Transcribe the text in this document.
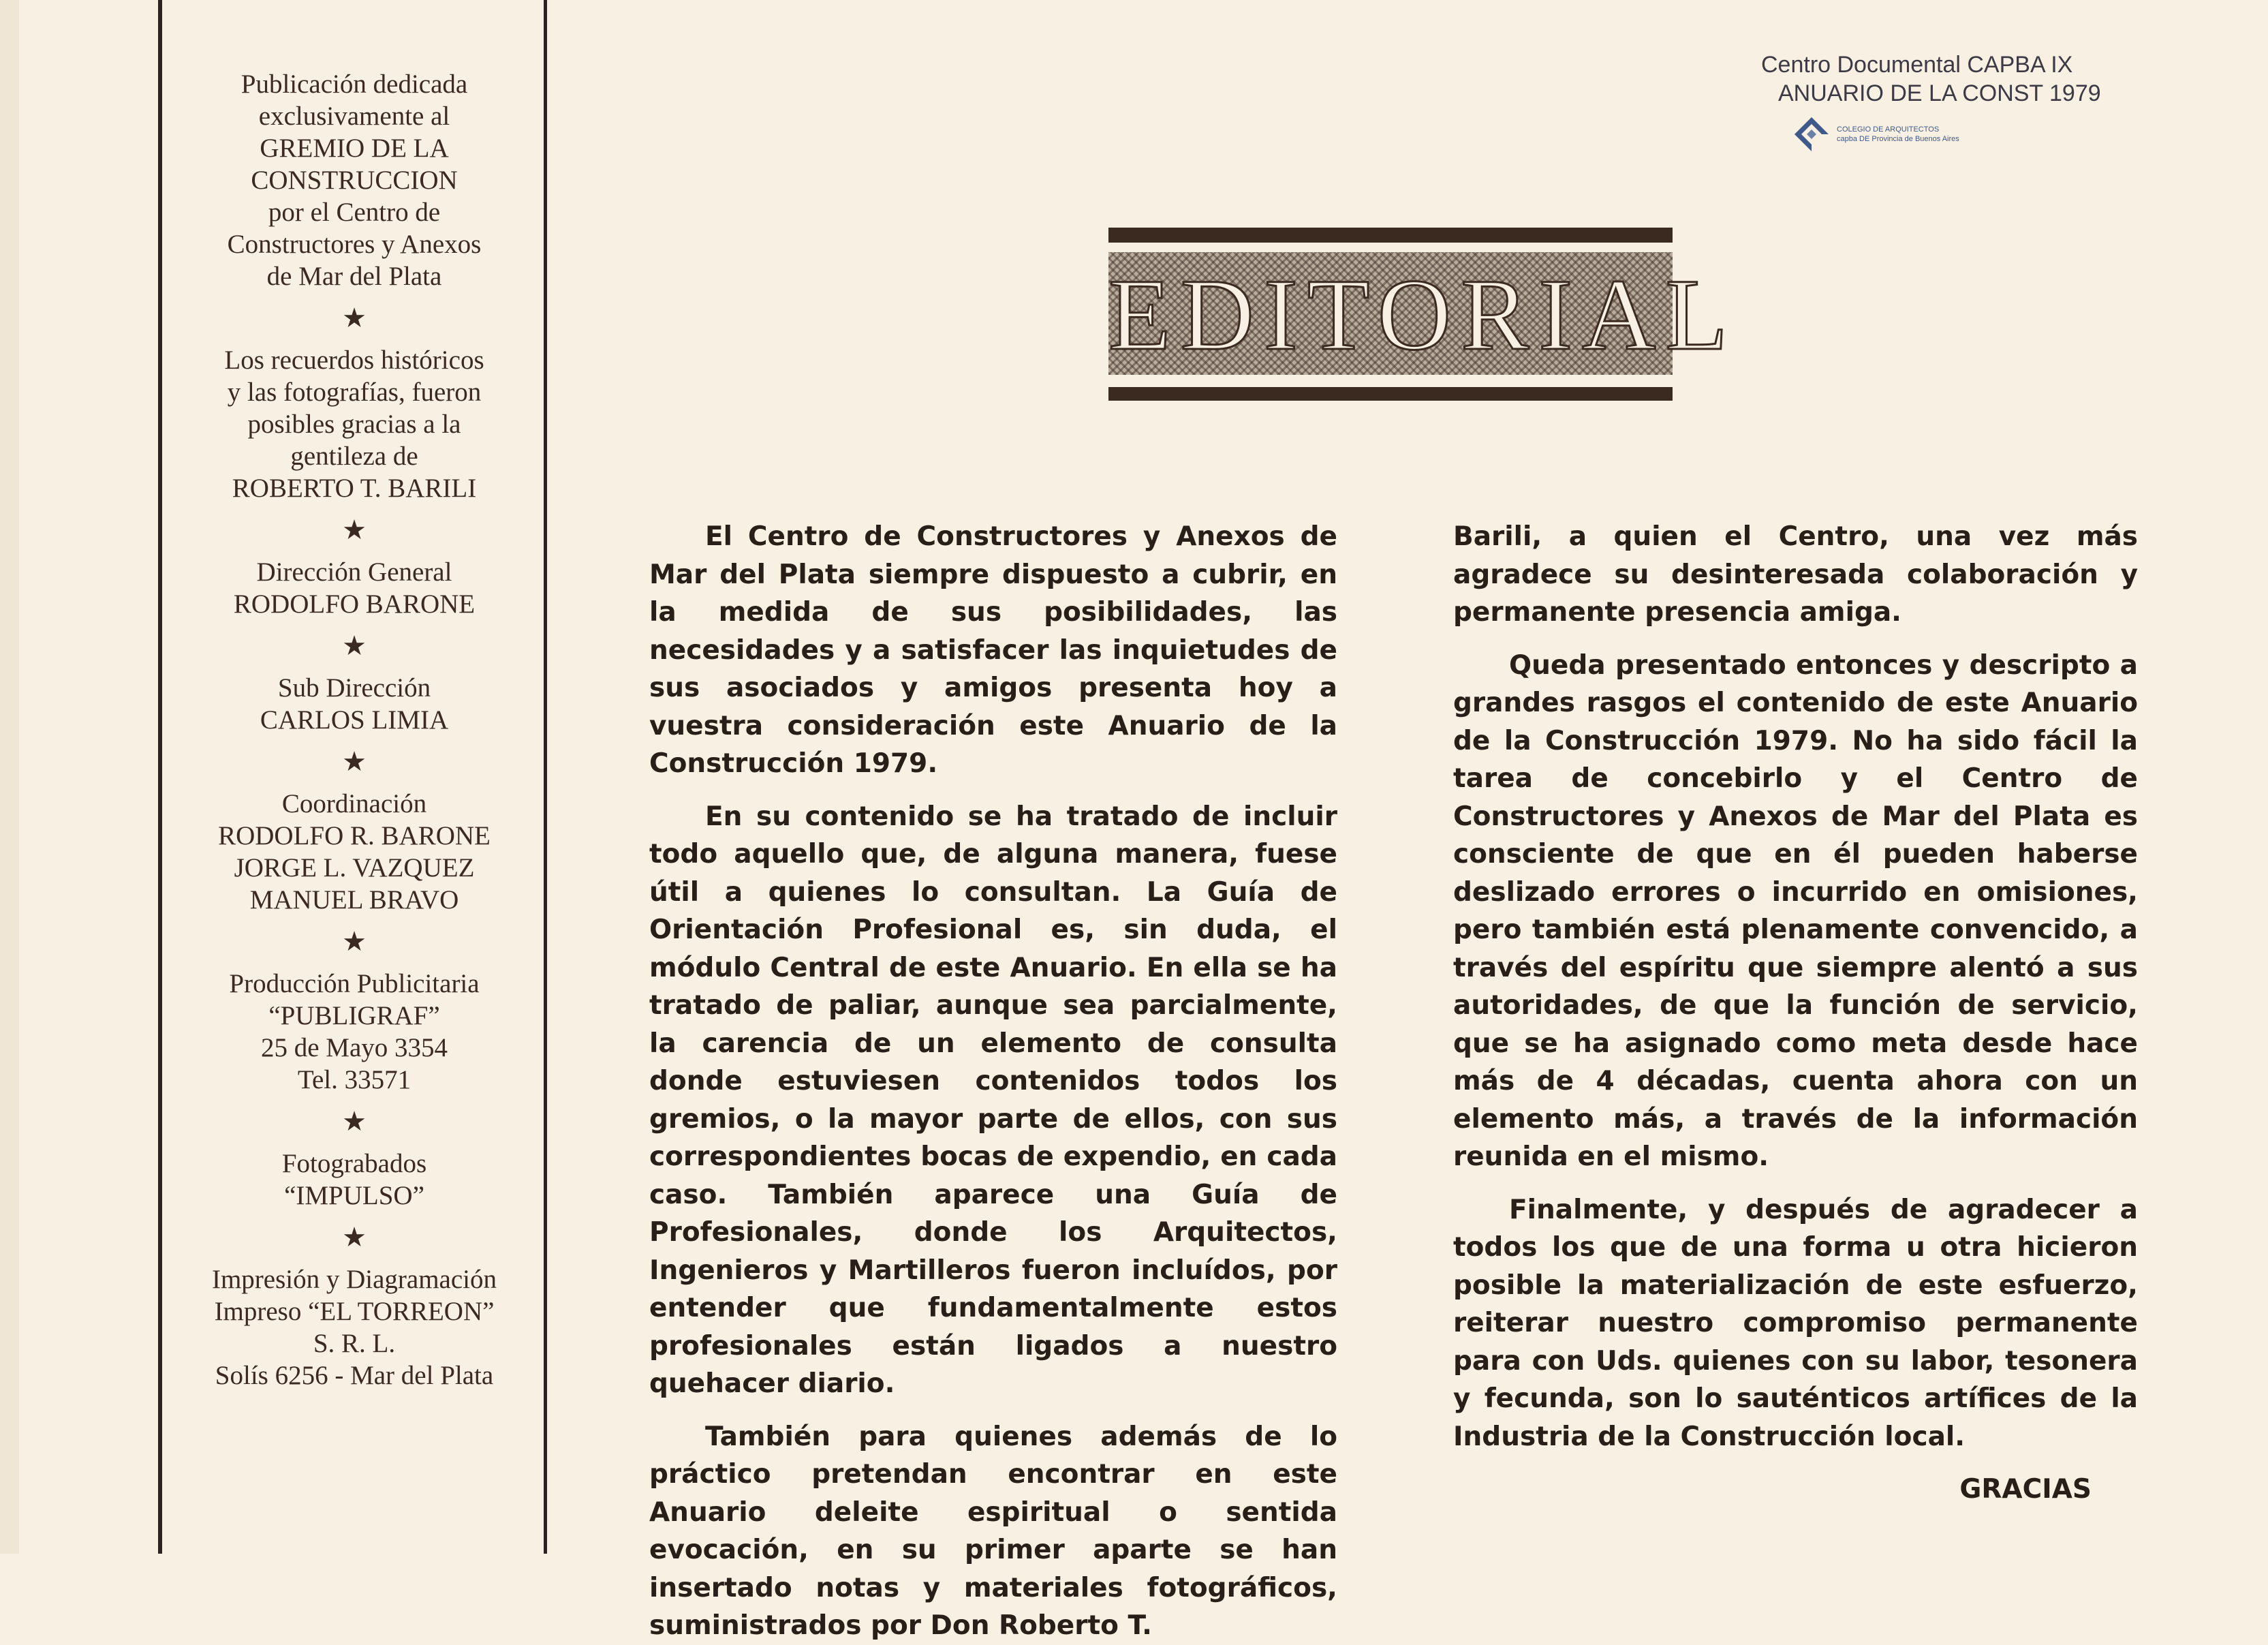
Publicación dedicada
exclusivamente al
GREMIO DE LA
CONSTRUCCION
por el Centro de
Constructores y Anexos
de Mar del Plata
★
Los recuerdos históricos
y las fotografías, fueron
posibles gracias a la
gentileza de
ROBERTO T. BARILI
★
Dirección General
RODOLFO BARONE
★
Sub Dirección
CARLOS LIMIA
★
Coordinación
RODOLFO R. BARONE
JORGE L. VAZQUEZ
MANUEL BRAVO
★
Producción Publicitaria
“PUBLIGRAF”
25 de Mayo 3354
Tel. 33571
★
Fotograbados
“IMPULSO”
★
Impresión y Diagramación
Impreso “EL TORREON”
S. R. L.
Solís 6256 - Mar del Plata
Centro Documental CAPBA IX
ANUARIO DE LA CONST 1979
COLEGIO DE ARQUITECTOS
capba DE Provincia de Buenos Aires
EDITORIAL

El Centro de Constructores y Anexos de Mar del Plata siempre dispuesto a cubrir, en la medida de sus posibilidades, las necesidades y a satisfacer las inquietudes de sus asociados y amigos presenta hoy a vuestra consideración este Anuario de la Construcción 1979.

En su contenido se ha tratado de incluir todo aquello que, de alguna manera, fuese útil a quienes lo consultan. La Guía de Orientación Profesional es, sin duda, el módulo Central de este Anuario. En ella se ha tratado de paliar, aunque sea parcialmente, la carencia de un elemento de consulta donde estuviesen contenidos todos los gremios, o la mayor parte de ellos, con sus correspondientes bocas de expendio, en cada caso. También aparece una Guía de Profesionales, donde los Arquitectos, Ingenieros y Martilleros fueron incluídos, por entender que fundamentalmente estos profesionales están ligados a nuestro quehacer diario.

También para quienes además de lo práctico pretendan encontrar en este Anuario deleite espiritual o sentida evocación, en su primer aparte se han insertado notas y materiales fotográficos, suministrados por Don Roberto T.

Barili, a quien el Centro, una vez más agradece su desinteresada colaboración y permanente presencia amiga.

Queda presentado entonces y descripto a grandes rasgos el contenido de este Anuario de la Construcción 1979. No ha sido fácil la tarea de concebirlo y el Centro de Constructores y Anexos de Mar del Plata es consciente de que en él pueden haberse deslizado errores o incurrido en omisiones, pero también está plenamente convencido, a través del espíritu que siempre alentó a sus autoridades, de que la función de servicio, que se ha asignado como meta desde hace más de 4 décadas, cuenta ahora con un elemento más, a través de la información reunida en el mismo.

Finalmente, y después de agradecer a todos los que de una forma u otra hicieron posible la materialización de este esfuerzo, reiterar nuestro compromiso permanente para con Uds. quienes con su labor, tesonera y fecunda, son lo sauténticos artífices de la Industria de la Construcción local.

GRACIAS
